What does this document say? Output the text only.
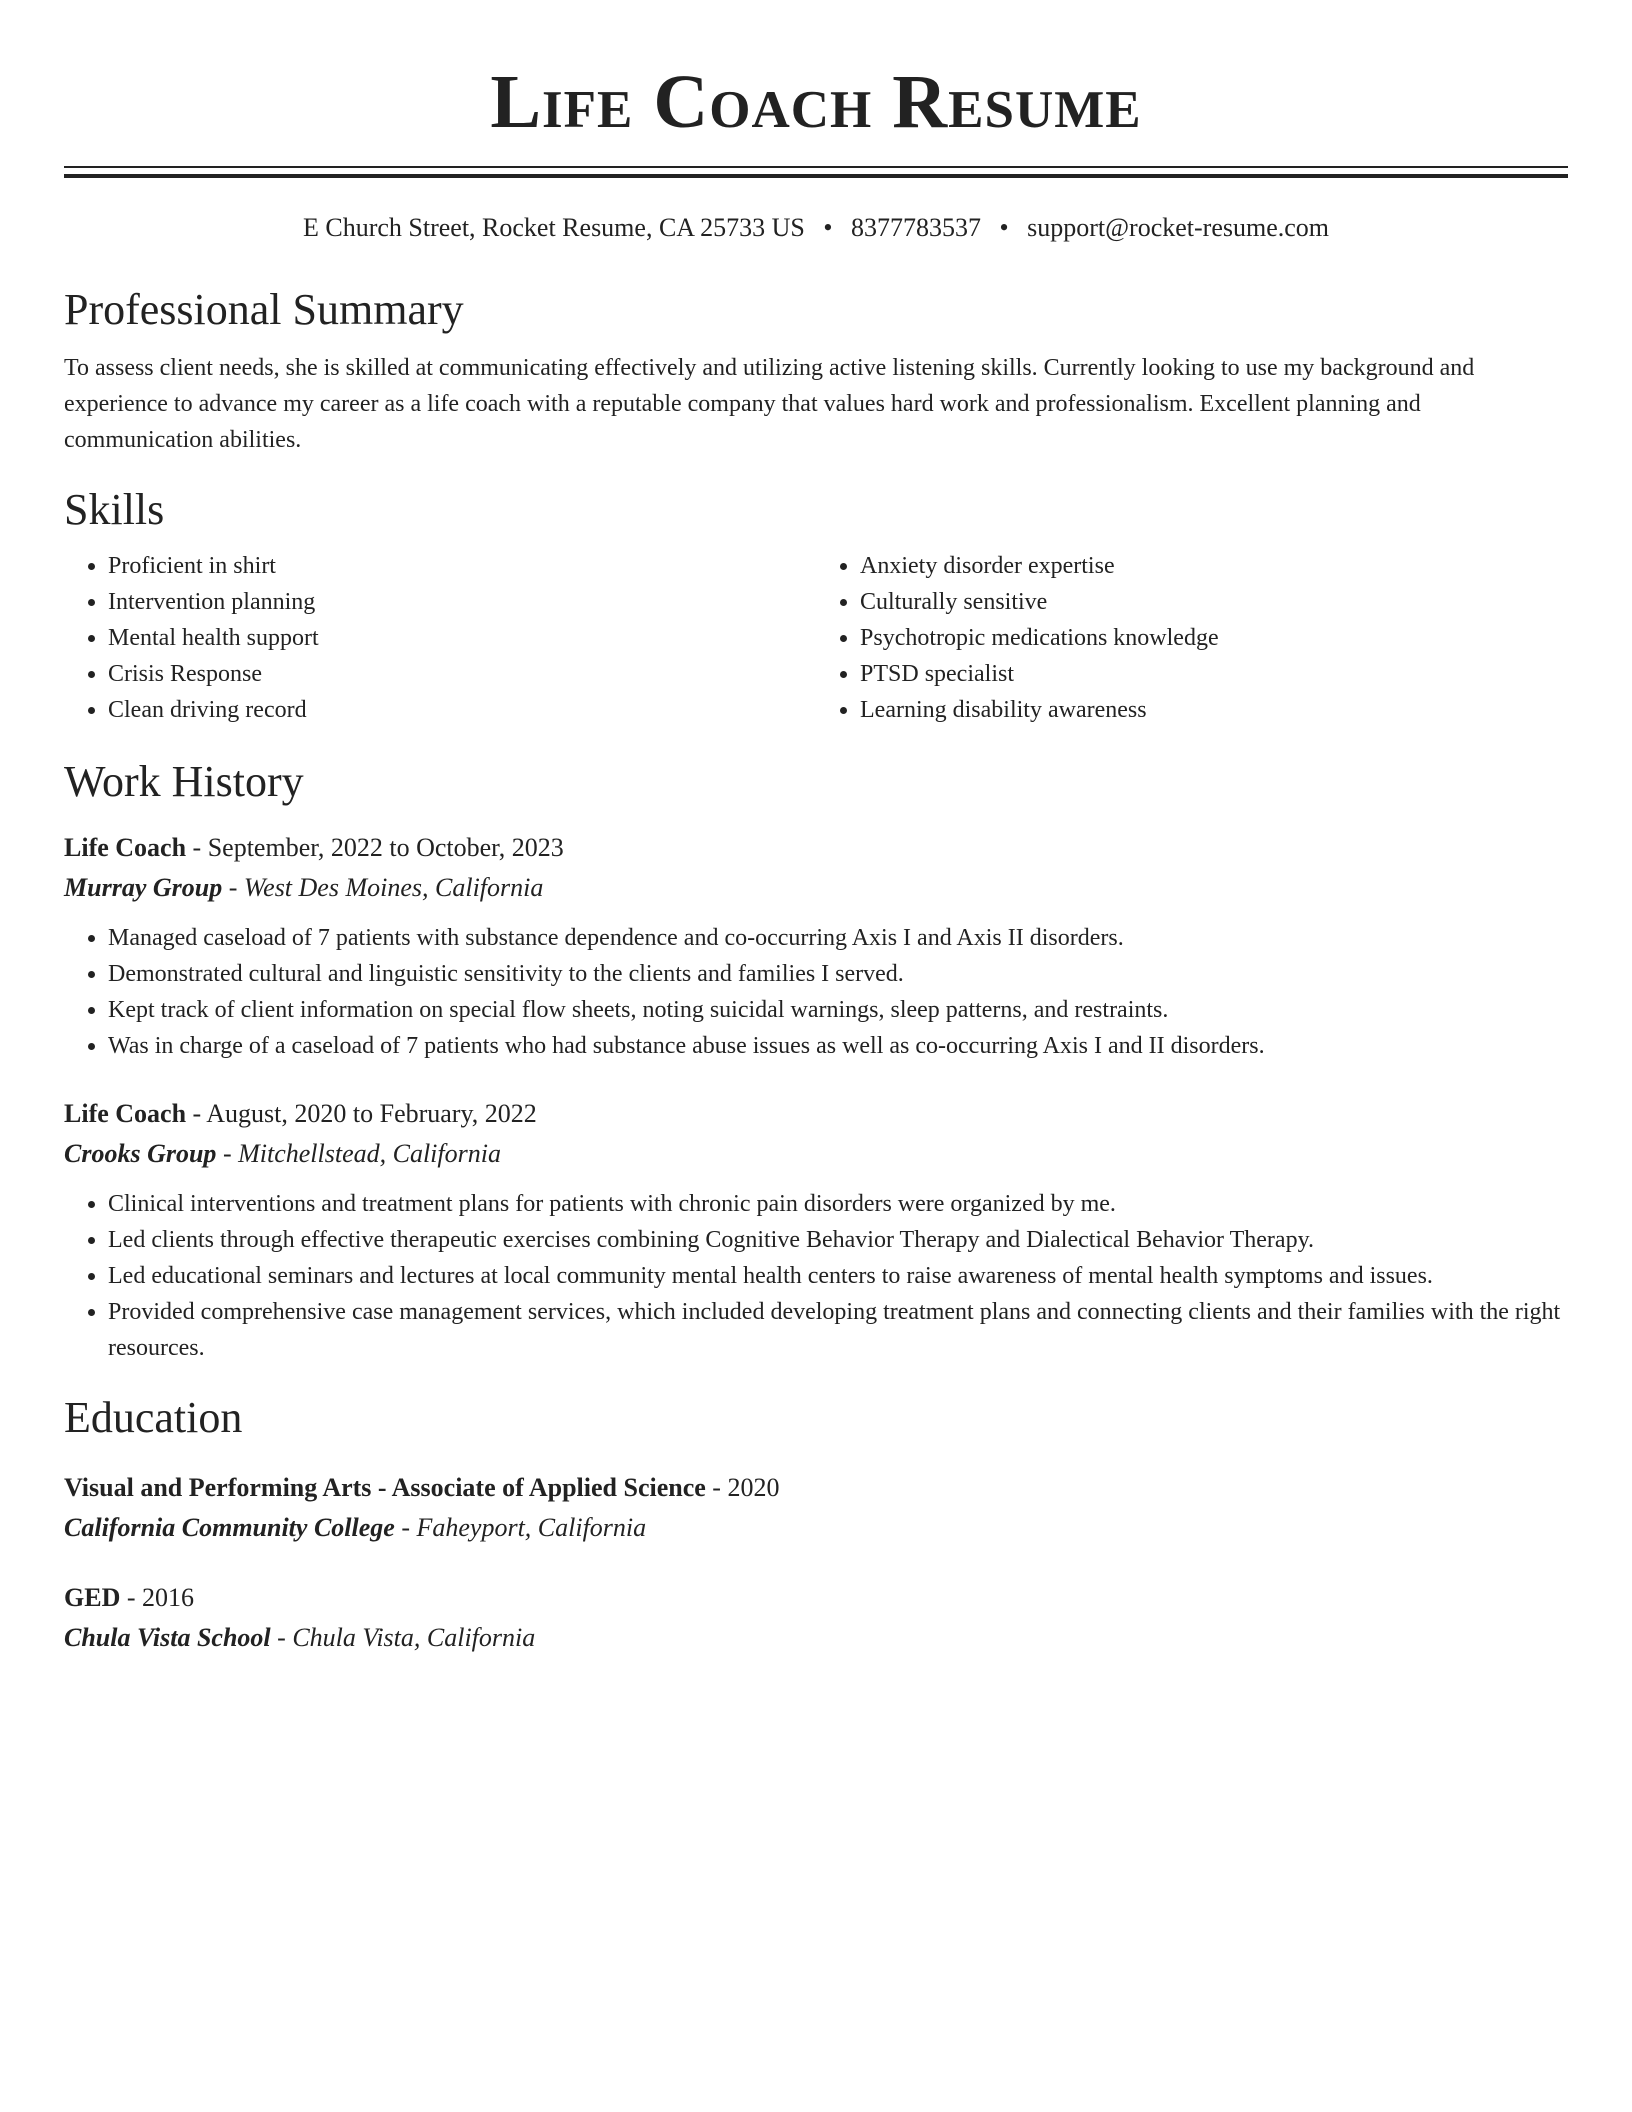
Life Coach Resume
E Church Street, Rocket Resume, CA 25733 US • 8377783537 • support@rocket-resume.com
Professional Summary

To assess client needs, she is skilled at communicating effectively and utilizing active listening skills. Currently looking to use my background and experience to advance my career as a life coach with a reputable company that values hard work and professionalism. Excellent planning and communication abilities.

Skills
• Proficient in shirt
• Intervention planning
• Mental health support
• Crisis Response
• Clean driving record
• Anxiety disorder expertise
• Culturally sensitive
• Psychotropic medications knowledge
• PTSD specialist
• Learning disability awareness
Work History
Life Coach - September, 2022 to October, 2023
Murray Group - West Des Moines, California
• Managed caseload of 7 patients with substance dependence and co-occurring Axis I and Axis II disorders.
• Demonstrated cultural and linguistic sensitivity to the clients and families I served.
• Kept track of client information on special flow sheets, noting suicidal warnings, sleep patterns, and restraints.
• Was in charge of a caseload of 7 patients who had substance abuse issues as well as co-occurring Axis I and II disorders.
Life Coach - August, 2020 to February, 2022
Crooks Group - Mitchellstead, California
• Clinical interventions and treatment plans for patients with chronic pain disorders were organized by me.
• Led clients through effective therapeutic exercises combining Cognitive Behavior Therapy and Dialectical Behavior Therapy.
• Led educational seminars and lectures at local community mental health centers to raise awareness of mental health symptoms and issues.
• Provided comprehensive case management services, which included developing treatment plans and connecting clients and their families with the right resources.
Education
Visual and Performing Arts - Associate of Applied Science - 2020
California Community College - Faheyport, California
GED - 2016
Chula Vista School - Chula Vista, California
